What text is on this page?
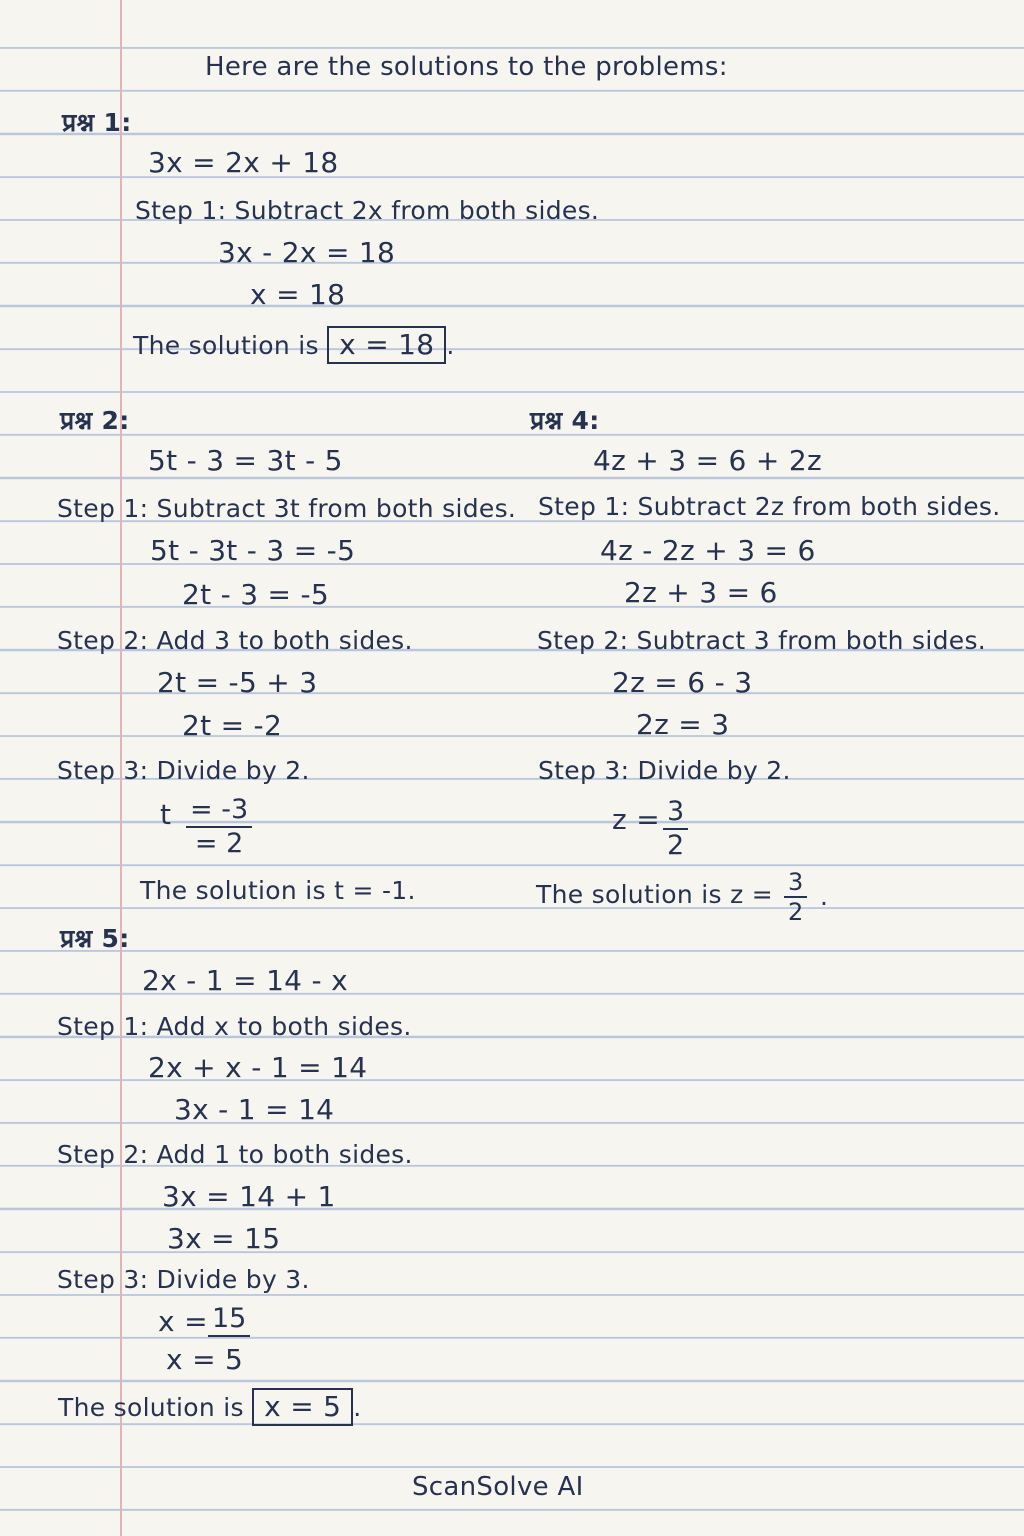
Here are the solutions to the problems:
प्रश्न 1:
3x = 2x + 18
Step 1: Subtract 2x from both sides.
3x - 2x = 18
x = 18
The solution is x = 18 .
प्रश्न 2:
5t - 3 = 3t - 5
Step 1: Subtract 3t from both sides.
5t - 3t - 3 = -5
2t - 3 = -5
Step 2: Add 3 to both sides.
2t = -5 + 3
2t = -2
Step 3: Divide by 2.
t $\frac{= -3}{= 2}$
The solution is t = -1.
प्रश्न 4:
4z + 3 = 6 + 2z
Step 1: Subtract 2z from both sides.
4z - 2z + 3 = 6
2z + 3 = 6
Step 2: Subtract 3 from both sides.
2z = 6 - 3
2z = 3
Step 3: Divide by 2.
$z = \frac{3}{2}$
The solution is $z = \frac{3}{2}$ .
प्रश्न 5:
2x - 1 = 14 - x
Step 1: Add x to both sides.
2x + x - 1 = 14
3x - 1 = 14
Step 2: Add 1 to both sides.
3x = 14 + 1
3x = 15
Step 3: Divide by 3.
x = 15
x = 5
The solution is x = 5 .
ScanSolve AI
